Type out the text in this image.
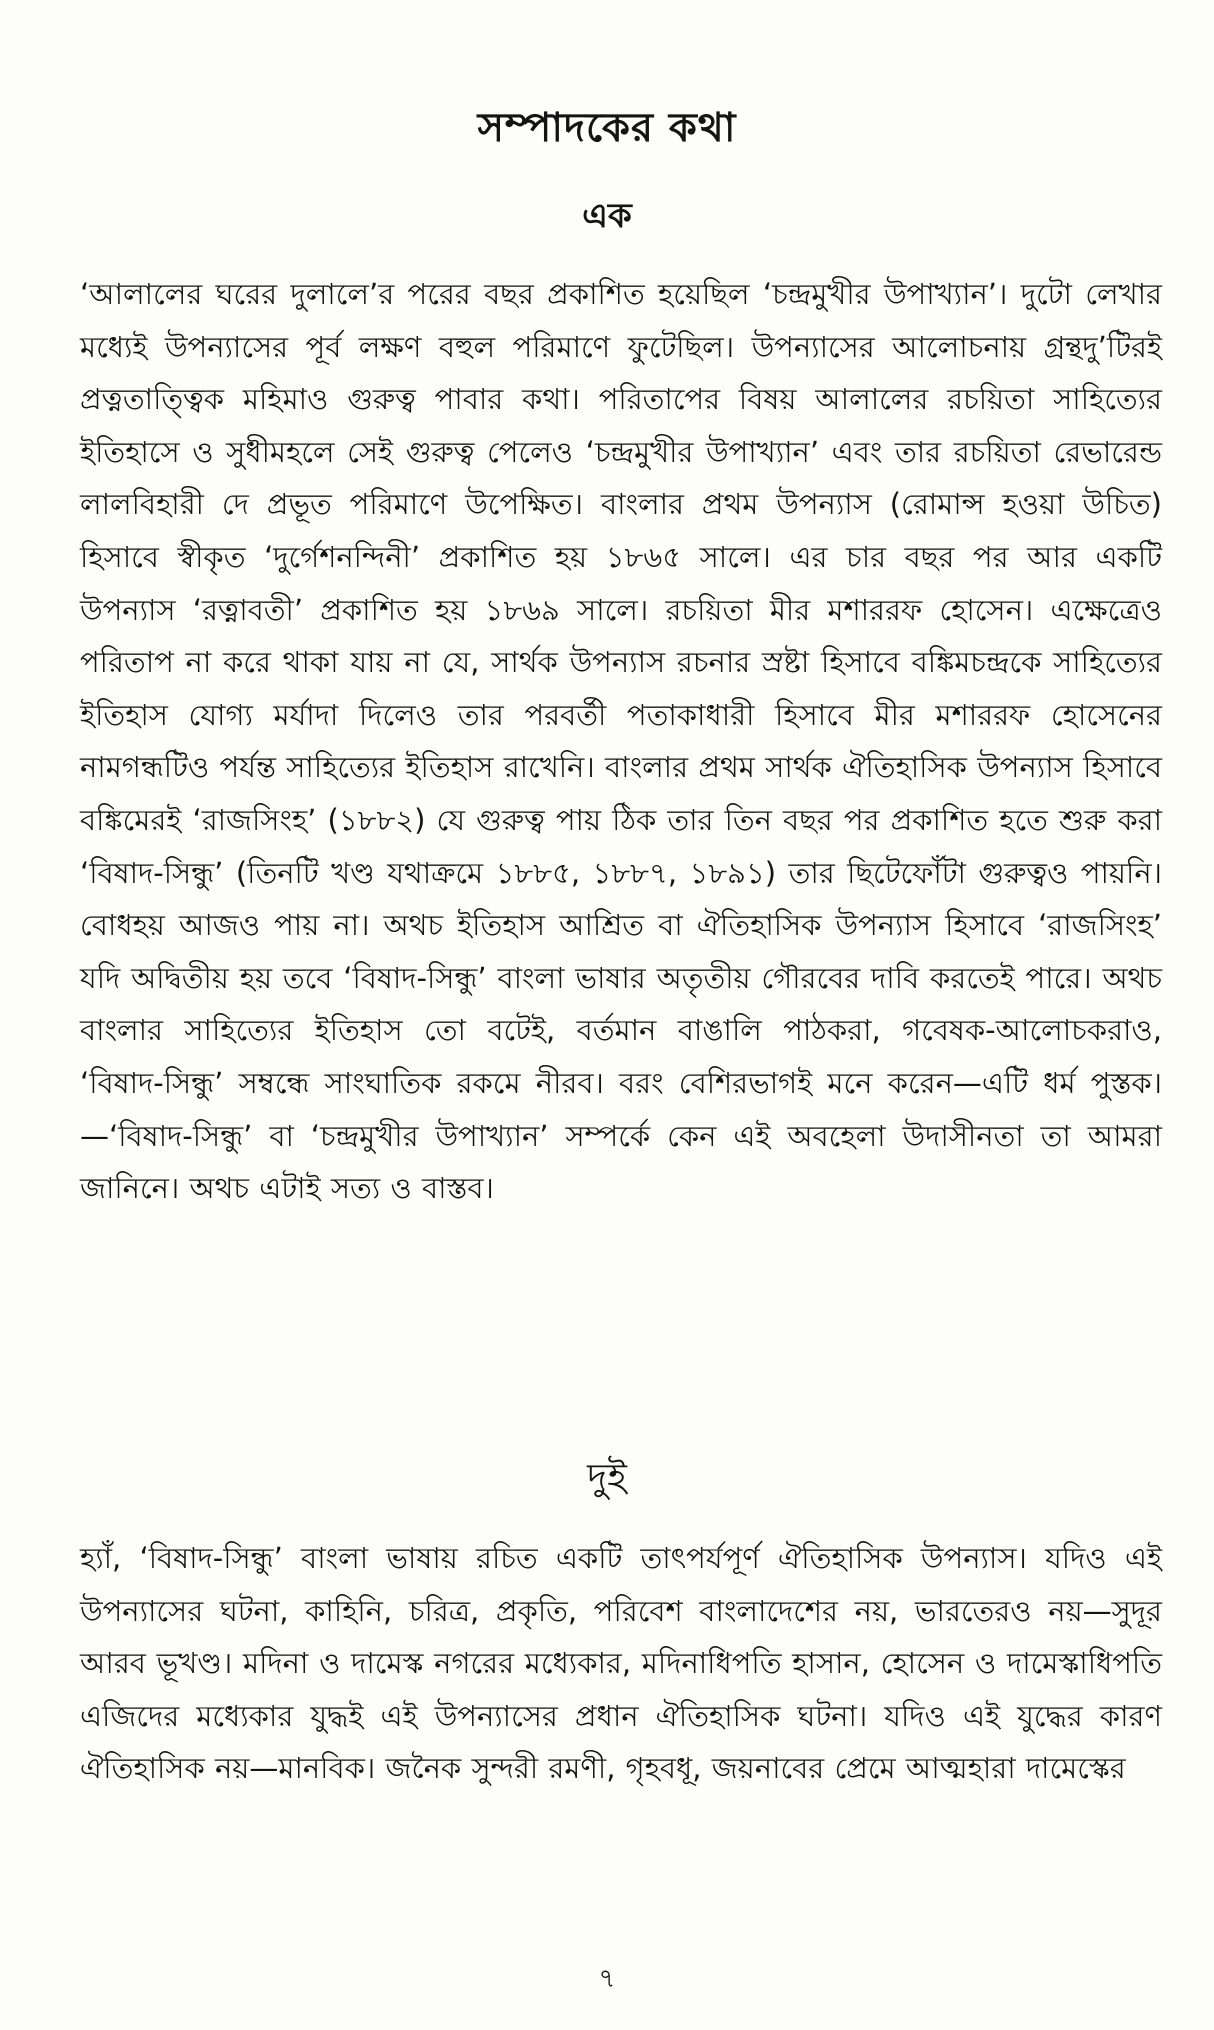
সম্পাদকের কথা
এক

‘আলালের ঘরের দুলালে’র পরের বছর প্রকাশিত হয়েছিল ‘চন্দ্রমুখীর উপাখ্যান’। দুটো লেখার মধ্যেই উপন্যাসের পূর্ব লক্ষণ বহুল পরিমাণে ফুটেছিল। উপন্যাসের আলোচনায় গ্রন্থদু’টিরই প্রত্নতাত্ত্বিক মহিমাও গুরুত্ব পাবার কথা। পরিতাপের বিষয় আলালের রচয়িতা সাহিত্যের ইতিহাসে ও সুধীমহলে সেই গুরুত্ব পেলেও ‘চন্দ্রমুখীর উপাখ্যান’ এবং তার রচয়িতা রেভারেন্ড লালবিহারী দে প্রভূত পরিমাণে উপেক্ষিত। বাংলার প্রথম উপন্যাস (রোমান্স হওয়া উচিত) হিসাবে স্বীকৃত ‘দুর্গেশনন্দিনী’ প্রকাশিত হয় ১৮৬৫ সালে। এর চার বছর পর আর একটি উপন্যাস ‘রত্নাবতী’ প্রকাশিত হয় ১৮৬৯ সালে। রচয়িতা মীর মশাররফ হোসেন। এক্ষেত্রেও পরিতাপ না করে থাকা যায় না যে, সার্থক উপন্যাস রচনার স্রষ্টা হিসাবে বঙ্কিমচন্দ্রকে সাহিত্যের ইতিহাস যোগ্য মর্যাদা দিলেও তার পরবর্তী পতাকাধারী হিসাবে মীর মশাররফ হোসেনের নামগন্ধটিও পর্যন্ত সাহিত্যের ইতিহাস রাখেনি। বাংলার প্রথম সার্থক ঐতিহাসিক উপন্যাস হিসাবে বঙ্কিমেরই ‘রাজসিংহ’ (১৮৮২) যে গুরুত্ব পায় ঠিক তার তিন বছর পর প্রকাশিত হতে শুরু করা ‘বিষাদ-সিন্ধু’ (তিনটি খণ্ড যথাক্রমে ১৮৮৫, ১৮৮৭, ১৮৯১) তার ছিটেফোঁটা গুরুত্বও পায়নি। বোধহয় আজও পায় না। অথচ ইতিহাস আশ্রিত বা ঐতিহাসিক উপন্যাস হিসাবে ‘রাজসিংহ’ যদি অদ্বিতীয় হয় তবে ‘বিষাদ-সিন্ধু’ বাংলা ভাষার অতৃতীয় গৌরবের দাবি করতেই পারে। অথচ বাংলার সাহিত্যের ইতিহাস তো বটেই, বর্তমান বাঙালি পাঠকরা, গবেষক-আলোচকরাও, ‘বিষাদ-সিন্ধু’ সম্বন্ধে সাংঘাতিক রকমে নীরব। বরং বেশিরভাগই মনে করেন—এটি ধর্ম পুস্তক।—‘বিষাদ-সিন্ধু’ বা ‘চন্দ্রমুখীর উপাখ্যান’ সম্পর্কে কেন এই অবহেলা উদাসীনতা তা আমরা জানিনে। অথচ এটাই সত্য ও বাস্তব।

দুই

হ্যাঁ, ‘বিষাদ-সিন্ধু’ বাংলা ভাষায় রচিত একটি তাৎপর্যপূর্ণ ঐতিহাসিক উপন্যাস। যদিও এই উপন্যাসের ঘটনা, কাহিনি, চরিত্র, প্রকৃতি, পরিবেশ বাংলাদেশের নয়, ভারতেরও নয়—সুদূর আরব ভূখণ্ড। মদিনা ও দামেস্ক নগরের মধ্যেকার, মদিনাধিপতি হাসান, হোসেন ও দামেস্কাধিপতি এজিদের মধ্যেকার যুদ্ধই এই উপন্যাসের প্রধান ঐতিহাসিক ঘটনা। যদিও এই যুদ্ধের কারণ ঐতিহাসিক নয়—মানবিক। জনৈক সুন্দরী রমণী, গৃহবধূ, জয়নাবের প্রেমে আত্মহারা দামেস্কের

৭
